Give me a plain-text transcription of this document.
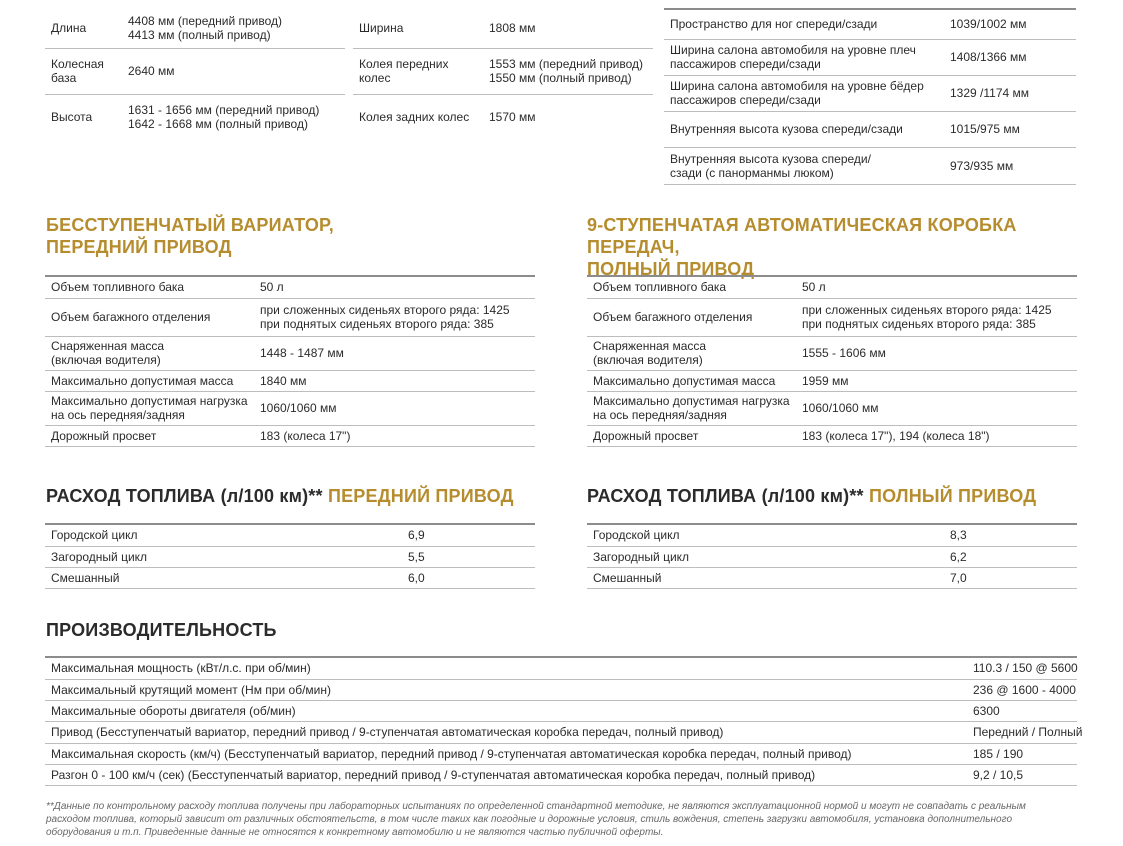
Длина	4408 мм (передний привод)
4413 мм (полный привод)

Колесная база	2640 мм

Высота	1631 - 1656 мм (передний привод)
1642 - 1668 мм (полный привод)
Ширина	1808 мм

Колея передних колес	1553 мм (передний привод)
1550 мм (полный привод)

Колея задних колес	1570 мм
Пространство для ног спереди/сзади	1039/1002 мм
Ширина салона автомобиля на уровне плеч пассажиров спереди/сзади	1408/1366 мм
Ширина салона автомобиля на уровне бёдер пассажиров спереди/сзади	1329 /1174 мм
Внутренняя высота кузова спереди/сзади	1015/975 мм
Внутренняя высота кузова спереди/сзади (с панорманмы люком)	973/935 мм
БЕССТУПЕНЧАТЫЙ ВАРИАТОР,
ПЕРЕДНИЙ ПРИВОД
Объем топливного бака	50 л

Объем багажного отделения	при сложенных сиденьях второго ряда: 1425
при поднятых сиденьях второго ряда: 385

Снаряженная масса (включая водителя)	1448 - 1487 мм

Максимально допустимая масса	1840 мм

Максимально допустимая нагрузка на ось передняя/задняя	1060/1060 мм

Дорожный просвет	183 (колеса 17")
9-СТУПЕНЧАТАЯ АВТОМАТИЧЕСКАЯ КОРОБКА ПЕРЕДАЧ,
ПОЛНЫЙ ПРИВОД
Объем топливного бака	50 л

Объем багажного отделения	при сложенных сиденьях второго ряда: 1425
при поднятых сиденьях второго ряда: 385

Снаряженная масса (включая водителя)	1555 - 1606 мм

Максимально допустимая масса	1959 мм

Максимально допустимая нагрузка на ось передняя/задняя	1060/1060 мм

Дорожный просвет	183 (колеса 17"), 194 (колеса 18")
РАСХОД ТОПЛИВА (л/100 км)** ПЕРЕДНИЙ ПРИВОД
Городской цикл	6,9
Загородный цикл	5,5
Смешанный	6,0
РАСХОД ТОПЛИВА (л/100 км)** ПОЛНЫЙ ПРИВОД
Городской цикл	8,3
Загородный цикл	6,2
Смешанный	7,0
ПРОИЗВОДИТЕЛЬНОСТЬ
Максимальная мощность (кВт/л.с. при об/мин)	110.3 / 150 @ 5600
Максимальный крутящий момент (Нм при об/мин)	236 @ 1600 - 4000
Максимальные обороты двигателя (об/мин)	6300
Привод (Бесступенчатый вариатор, передний привод / 9-ступенчатая автоматическая коробка передач, полный привод)	Передний / Полный
Максимальная скорость (км/ч) (Бесступенчатый вариатор, передний привод / 9-ступенчатая автоматическая коробка передач, полный привод)	185 / 190
Разгон 0 - 100 км/ч (сек) (Бесступенчатый вариатор, передний привод / 9-ступенчатая автоматическая коробка передач, полный привод)	9,2 / 10,5
**Данные по контрольному расходу топлива получены при лабораторных испытаниях по определенной стандартной методике, не являются эксплуатационной нормой и могут не совпадать с реальным
расходом топлива, который зависит от различных обстоятельств, в том числе таких как погодные и дорожные условия, стиль вождения, степень загрузки автомобиля, установка дополнительного
оборудования и т.п. Приведенные данные не относятся к конкретному автомобилю и не являются частью публичной оферты.
